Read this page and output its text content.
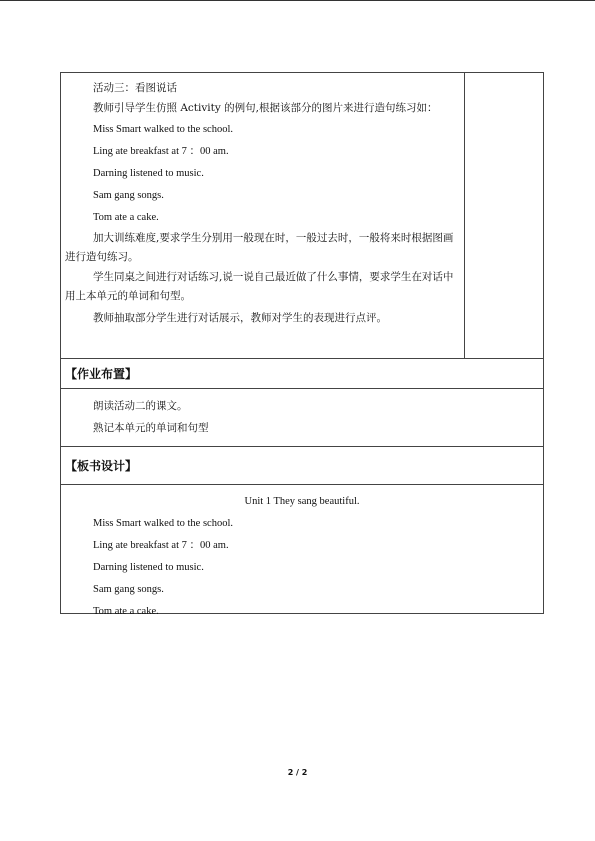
活动三：看图说话

教师引导学生仿照 Activity 的例句,根据该部分的图片来进行造句练习如：

Miss Smart walked to the school.

Ling ate breakfast at 7 ：00 am.

Darning listened to music.

Sam gang songs.

Tom ate a cake.

加大训练难度,要求学生分别用一般现在时，一般过去时，一般将来时根据图画进行造句练习。

学生同桌之间进行对话练习,说一说自己最近做了什么事情，要求学生在对话中用上本单元的单词和句型。

教师抽取部分学生进行对话展示，教师对学生的表现进行点评。

【作业布置】

朗读活动二的课文。

熟记本单元的单词和句型

【板书设计】

Unit 1 They sang beautiful.

Miss Smart walked to the school.

Ling ate breakfast at 7 ：00 am.

Darning listened to music.

Sam gang songs.

Tom ate a cake.

2 / 2
